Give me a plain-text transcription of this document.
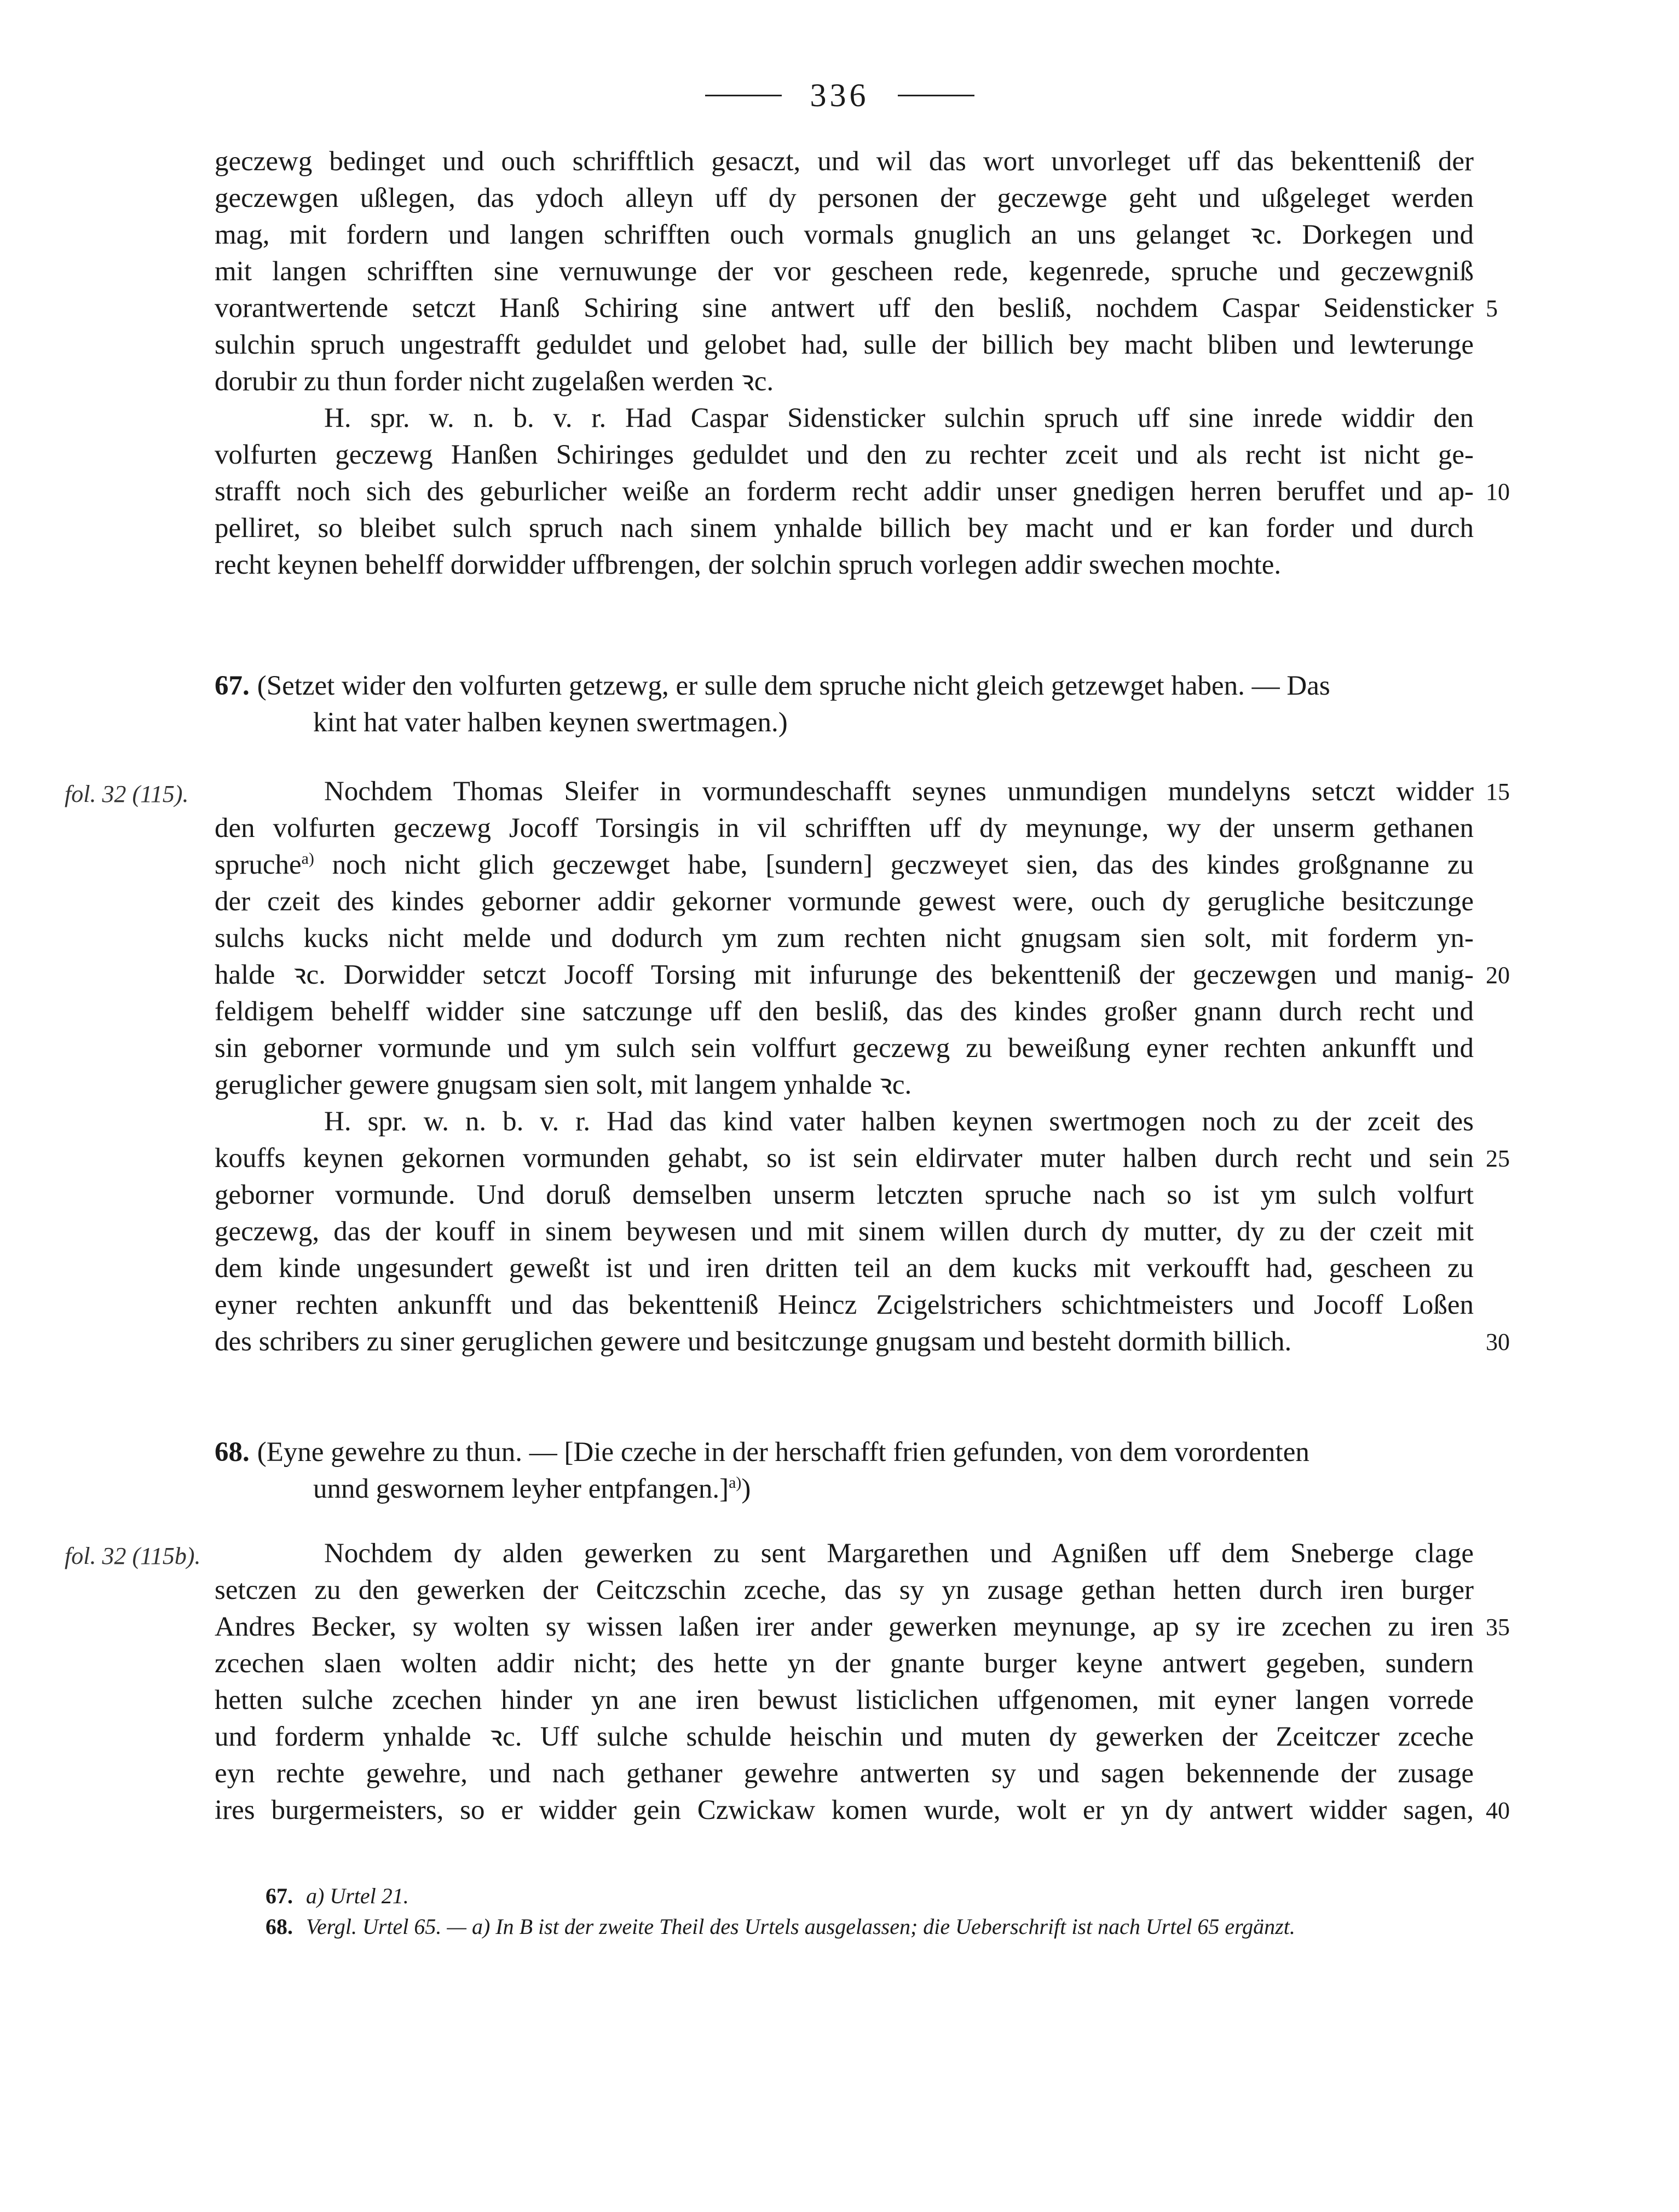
336
geczewg bedinget und ouch schrifftlich gesaczt, und wil das wort unvorleget uff das bekentteniß der
geczewgen ußlegen, das ydoch alleyn uff dy personen der geczewge geht und ußgeleget werden
mag, mit fordern und langen schrifften ouch vormals gnuglich an uns gelanget ꝛc. Dorkegen und
mit langen schrifften sine vernuwunge der vor gescheen rede, kegenrede, spruche und geczewgniß
vorantwertende setczt Hanß Schiring sine antwert uff den besliß, nochdem Caspar Seidensticker 5
sulchin spruch ungestrafft geduldet und gelobet had, sulle der billich bey macht bliben und lewterunge
dorubir zu thun forder nicht zugelaßen werden ꝛc.
H. spr. w. n. b. v. r. Had Caspar Sidensticker sulchin spruch uff sine inrede widdir den
volfurten geczewg Hanßen Schiringes geduldet und den zu rechter zceit und als recht ist nicht ge-
strafft noch sich des geburlicher weiße an forderm recht addir unser gnedigen herren beruffet und ap- 10
pelliret, so bleibet sulch spruch nach sinem ynhalde billich bey macht und er kan forder und durch
recht keynen behelff dorwidder uffbrengen, der solchin spruch vorlegen addir swechen mochte.
67. (Setzet wider den volfurten getzewg, er sulle dem spruche nicht gleich getzewget haben. — Das
kint hat vater halben keynen swertmagen.)
fol. 32 (115).	Nochdem Thomas Sleifer in vormundeschafft seynes unmundigen mundelyns setczt widder 15
den volfurten geczewg Jocoff Torsingis in vil schrifften uff dy meynunge, wy der unserm gethanen
spruche$^{a)}$ noch nicht glich geczewget habe, [sundern] geczweyet sien, das des kindes großgnanne zu
der czeit des kindes geborner addir gekorner vormunde gewest were, ouch dy gerugliche besitczunge
sulchs kucks nicht melde und dodurch ym zum rechten nicht gnugsam sien solt, mit forderm yn-
halde ꝛc. Dorwidder setczt Jocoff Torsing mit infurunge des bekentteniß der geczewgen und manig- 20
feldigem behelff widder sine satczunge uff den besliß, das des kindes großer gnann durch recht und
sin geborner vormunde und ym sulch sein volffurt geczewg zu beweißung eyner rechten ankunfft und
geruglicher gewere gnugsam sien solt, mit langem ynhalde ꝛc.
H. spr. w. n. b. v. r. Had das kind vater halben keynen swertmogen noch zu der zceit des
kouffs keynen gekornen vormunden gehabt, so ist sein eldirvater muter halben durch recht und sein 25
geborner vormunde. Und doruß demselben unserm letczten spruche nach so ist ym sulch volfurt
geczewg, das der kouff in sinem beywesen und mit sinem willen durch dy mutter, dy zu der czeit mit
dem kinde ungesundert geweßt ist und iren dritten teil an dem kucks mit verkoufft had, gescheen zu
eyner rechten ankunfft und das bekentteniß Heincz Zcigelstrichers schichtmeisters und Jocoff Loßen
des schribers zu siner geruglichen gewere und besitczunge gnugsam und besteht dormith billich.	30
68. (Eyne gewehre zu thun. — [Die czeche in der herschafft frien gefunden, von dem vorordenten
unnd geswornem leyher entpfangen.]$^{a)}$)
fol. 32 (115b).	Nochdem dy alden gewerken zu sent Margarethen und Agnißen uff dem Sneberge clage
setczen zu den gewerken der Ceitczschin zceche, das sy yn zusage gethan hetten durch iren burger
Andres Becker, sy wolten sy wissen laßen irer ander gewerken meynunge, ap sy ire zcechen zu iren 35
zcechen slaen wolten addir nicht; des hette yn der gnante burger keyne antwert gegeben, sundern
hetten sulche zcechen hinder yn ane iren bewust listiclichen uffgenomen, mit eyner langen vorrede
und forderm ynhalde ꝛc. Uff sulche schulde heischin und muten dy gewerken der Zceitczer zceche
eyn rechte gewehre, und nach gethaner gewehre antwerten sy und sagen bekennende der zusage
ires burgermeisters, so er widder gein Czwickaw komen wurde, wolt er yn dy antwert widder sagen, 40
67. a) Urtel 21.
68. Vergl. Urtel 65. — a) In B ist der zweite Theil des Urtels ausgelassen; die Ueberschrift ist nach Urtel 65 ergänzt.
